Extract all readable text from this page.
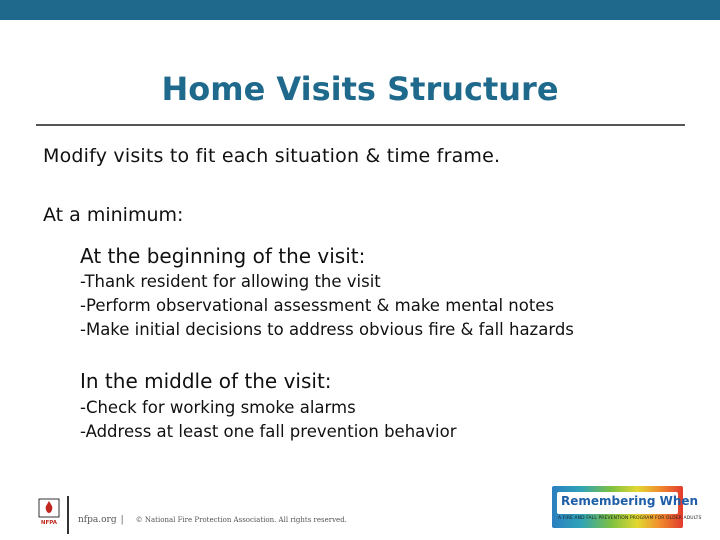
Home Visits Structure
Modify visits to fit each situation & time frame.
At a minimum:
At the beginning of the visit:
-Thank resident for allowing the visit
-Perform observational assessment & make mental notes
-Make initial decisions to address obvious fire & fall hazards
In the middle of the visit:
-Check for working smoke alarms
-Address at least one fall prevention behavior
NFPA nfpa.org | © National Fire Protection Association. All rights reserved.
Remembering When
A FIRE AND FALL PREVENTION PROGRAM FOR OLDER ADULTS
